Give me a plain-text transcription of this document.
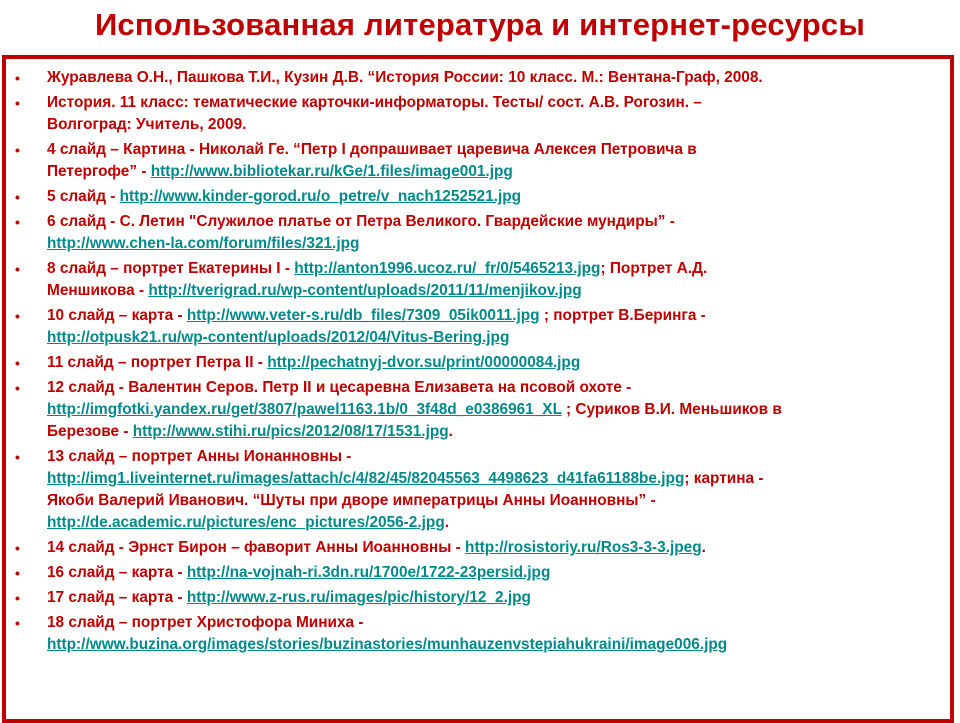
Использованная литература и интернет-ресурсы
• Журавлева О.Н., Пашкова Т.И., Кузин Д.В. “История России: 10 класс. М.: Вентана-Граф, 2008.
• История. 11 класс: тематические карточки-информаторы. Тесты/ сост. А.В. Рогозин. –
Волгоград: Учитель, 2009.
• 4 слайд – Картина - Николай Ге. “Петр I допрашивает царевича Алексея Петровича в
Петергофе” - http://www.bibliotekar.ru/kGe/1.files/image001.jpg
• 5 слайд - http://www.kinder-gorod.ru/o_petre/v_nach1252521.jpg
• 6 слайд - С. Летин "Служилое платье от Петра Великого. Гвардейские мундиры” -
http://www.chen-la.com/forum/files/321.jpg
• 8 слайд – портрет Екатерины I - http://anton1996.ucoz.ru/_fr/0/5465213.jpg; Портрет А.Д.
Меншикова - http://tverigrad.ru/wp-content/uploads/2011/11/menjikov.jpg
• 10 слайд – карта - http://www.veter-s.ru/db_files/7309_05ik0011.jpg ; портрет В.Беринга -
http://otpusk21.ru/wp-content/uploads/2012/04/Vitus-Bering.jpg
• 11 слайд – портрет Петра II - http://pechatnyj-dvor.su/print/00000084.jpg
• 12 слайд - Валентин Серов. Петр II и цесаревна Елизавета на псовой охоте -
http://imgfotki.yandex.ru/get/3807/pawel1163.1b/0_3f48d_e0386961_XL ; Суриков В.И. Меньшиков в
Березове - http://www.stihi.ru/pics/2012/08/17/1531.jpg.
• 13 слайд – портрет Анны Ионанновны -
http://img1.liveinternet.ru/images/attach/c/4/82/45/82045563_4498623_d41fa61188be.jpg; картина -
Якоби Валерий Иванович. “Шуты при дворе императрицы Анны Иоанновны” -
http://de.academic.ru/pictures/enc_pictures/2056-2.jpg.
• 14 слайд - Эрнст Бирон – фаворит Анны Иоанновны - http://rosistoriy.ru/Ros3-3-3.jpeg.
• 16 слайд – карта - http://na-vojnah-ri.3dn.ru/1700e/1722-23persid.jpg
• 17 слайд – карта - http://www.z-rus.ru/images/pic/history/12_2.jpg
• 18 слайд – портрет Христофора Миниха -
http://www.buzina.org/images/stories/buzinastories/munhauzenvstepiahukraini/image006.jpg
